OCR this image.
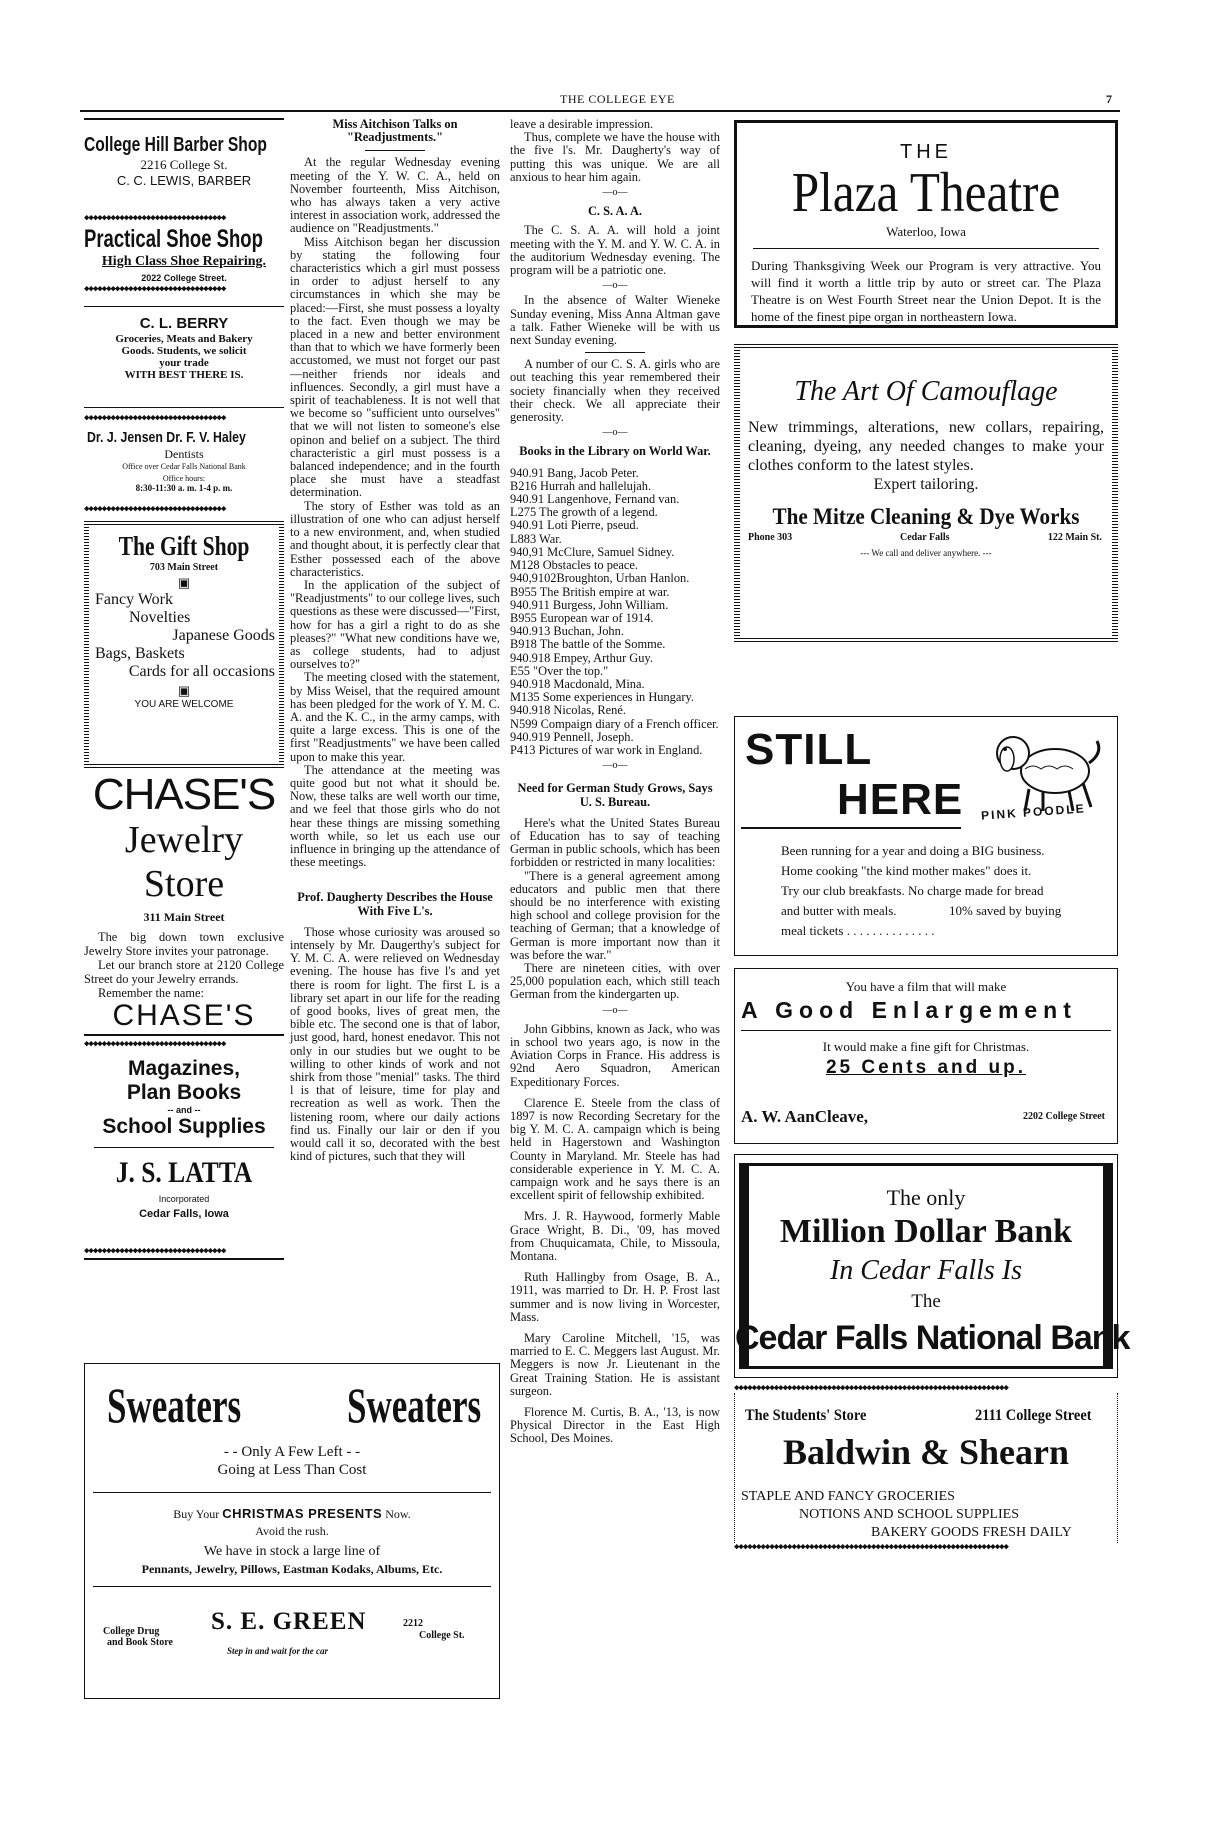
THE COLLEGE EYE	7
College Hill Barber Shop
2216 College St.
C. C. LEWIS, BARBER
◆◆◆◆◆◆◆◆◆◆◆◆◆◆◆◆◆◆◆◆◆◆◆◆◆◆◆◆◆◆◆◆
Practical Shoe Shop
High Class Shoe Repairing.
2022 College Street.
◆◆◆◆◆◆◆◆◆◆◆◆◆◆◆◆◆◆◆◆◆◆◆◆◆◆◆◆◆◆◆◆
C. L. BERRY
Groceries, Meats and Bakery
Goods. Students, we solicit
your trade
WITH BEST THERE IS.
◆◆◆◆◆◆◆◆◆◆◆◆◆◆◆◆◆◆◆◆◆◆◆◆◆◆◆◆◆◆◆◆
Dr. J. Jensen Dr. F. V. Haley
Dentists
Office over Cedar Falls National Bank
Office hours:
8:30-11:30 a. m. 1-4 p. m.
◆◆◆◆◆◆◆◆◆◆◆◆◆◆◆◆◆◆◆◆◆◆◆◆◆◆◆◆◆◆◆◆
The Gift Shop
703 Main Street
▣
Fancy Work
Novelties
Japanese Goods
Bags, Baskets
Cards for all occasions
▣
YOU ARE WELCOME
CHASE'S
Jewelry Store
311 Main Street
The big down town exclusive Jewelry Store invites your patronage.
Let our branch store at 2120 College Street do your Jewelry errands.
Remember the name:
CHASE'S
◆◆◆◆◆◆◆◆◆◆◆◆◆◆◆◆◆◆◆◆◆◆◆◆◆◆◆◆◆◆◆◆
Magazines,
Plan Books
-- and --
School Supplies
J. S. LATTA
Incorporated
Cedar Falls, Iowa
◆◆◆◆◆◆◆◆◆◆◆◆◆◆◆◆◆◆◆◆◆◆◆◆◆◆◆◆◆◆◆◆
Miss Aitchison Talks on "Readjustments."

At the regular Wednesday evening meeting of the Y. W. C. A., held on November fourteenth, Miss Aitchison, who has always taken a very active interest in association work, addressed the audience on "Readjustments."

Miss Aitchison began her discussion by stating the following four characteristics which a girl must possess in order to adjust herself to any circumstances in which she may be placed:—First, she must possess a loyalty to the fact. Even though we may be placed in a new and better environment than that to which we have formerly been accustomed, we must not forget our past—neither friends nor ideals and influences. Secondly, a girl must have a spirit of teachableness. It is not well that we become so "sufficient unto ourselves" that we will not listen to someone's else opinon and belief on a subject. The third characteristic a girl must possess is a balanced independence; and in the fourth place she must have a steadfast determination.

The story of Esther was told as an illustration of one who can adjust herself to a new environment, and, when studied and thought about, it is perfectly clear that Esther possessed each of the above characteristics.

In the application of the subject of "Readjustments" to our college lives, such questions as these were discussed—"First, how for has a girl a right to do as she pleases?" "What new conditions have we, as college students, had to adjust ourselves to?"

The meeting closed with the statement, by Miss Weisel, that the required amount has been pledged for the work of Y. M. C. A. and the K. C., in the army camps, with quite a large excess. This is one of the first "Readjustments" we have been called upon to make this year.

The attendance at the meeting was quite good but not what it should be. Now, these talks are well worth our time, and we feel that those girls who do not hear these things are missing something worth while, so let us each use our influence in bringing up the attendance of these meetings.

Prof. Daugherty Describes the House With Five L's.

Those whose curiosity was aroused so intensely by Mr. Daugerthy's subject for Y. M. C. A. were relieved on Wednesday evening. The house has five l's and yet there is room for light. The first L is a library set apart in our life for the reading of good books, lives of great men, the bible etc. The second one is that of labor, just good, hard, honest enedavor. This not only in our studies but we ought to be willing to other kinds of work and not shirk from those "menial" tasks. The third l is that of leisure, time for play and recreation as well as work. Then the listening room, where our daily actions find us. Finally our lair or den if you would call it so, decorated with the best kind of pictures, such that they will

leave a desirable impression.

Thus, complete we have the house with the five l's. Mr. Daugherty's way of putting this was unique. We are all anxious to hear him again.

—o—
C. S. A. A.

The C. S. A. A. will hold a joint meeting with the Y. M. and Y. W. C. A. in the auditorium Wednesday evening. The program will be a patriotic one.

—o—

In the absence of Walter Wieneke Sunday evening, Miss Anna Altman gave a talk. Father Wieneke will be with us next Sunday evening.

A number of our C. S. A. girls who are out teaching this year remembered their society financially when they received their check. We all appreciate their generosity.

—o—
Books in the Library on World War.
940.91 Bang, Jacob Peter.
B216 Hurrah and hallelujah.
940.91 Langenhove, Fernand van.
L275 The growth of a legend.
940.91 Loti Pierre, pseud.
L883 War.
940,91 McClure, Samuel Sidney.
M128 Obstacles to peace.
940,9102Broughton, Urban Hanlon.
B955 The British empire at war.
940.911 Burgess, John William.
B955 European war of 1914.
940.913 Buchan, John.
B918 The battle of the Somme.
940.918 Empey, Arthur Guy.
E55 "Over the top."
940.918 Macdonald, Mina.
M135 Some experiences in Hungary.
940.918 Nicolas, René.
N599 Compaign diary of a French officer.
940.919 Pennell, Joseph.
P413 Pictures of war work in England.
—o—
Need for German Study Grows, Says U. S. Bureau.

Here's what the United States Bureau of Education has to say of teaching German in public schools, which has been forbidden or restricted in many localities:

"There is a general agreement among educators and public men that there should be no interference with existing high school and college provision for the teaching of German; that a knowledge of German is more important now than it was before the war."

There are nineteen cities, with over 25,000 population each, which still teach German from the kindergarten up.

—o—

John Gibbins, known as Jack, who was in school two years ago, is now in the Aviation Corps in France. His address is 92nd Aero Squadron, American Expeditionary Forces.

Clarence E. Steele from the class of 1897 is now Recording Secretary for the big Y. M. C. A. campaign which is being held in Hagerstown and Washington County in Maryland. Mr. Steele has had considerable experience in Y. M. C. A. campaign work and he says there is an excellent spirit of fellowship exhibited.

Mrs. J. R. Haywood, formerly Mable Grace Wright, B. Di., '09, has moved from Chuquicamata, Chile, to Missoula, Montana.

Ruth Hallingby from Osage, B. A., 1911, was married to Dr. H. P. Frost last summer and is now living in Worcester, Mass.

Mary Caroline Mitchell, '15, was married to E. C. Meggers last August. Mr. Meggers is now Jr. Lieutenant in the Great Training Station. He is assistant surgeon.

Florence M. Curtis, B. A., '13, is now Physical Director in the East High School, Des Moines.

Sweaters Sweaters
- - Only A Few Left - -
Going at Less Than Cost
Buy Your CHRISTMAS PRESENTS Now.
Avoid the rush.
We have in stock a large line of
Pennants, Jewelry, Pillows, Eastman Kodaks, Albums, Etc.
College Drug
and Book Store
S. E. GREEN	2212
College St.
Step in and wait for the car
THE
Plaza Theatre
Waterloo, Iowa
During Thanksgiving Week our Program is very attractive. You will find it worth a little trip by auto or street car. The Plaza Theatre is on West Fourth Street near the Union Depot. It is the home of the finest pipe organ in northeastern Iowa.
The Art Of Camouflage
New trimmings, alterations, new collars, repairing, cleaning, dyeing, any needed changes to make your clothes conform to the latest styles.
Expert tailoring.
The Mitze Cleaning & Dye Works
Phone 303	Cedar Falls	122 Main St.
--- We call and deliver anywhere. ---
STILL
HERE PINK POODLE
Been running for a year and doing a BIG business.
Home cooking "the kind mother makes" does it.
Try our club breakfasts. No charge made for bread
and butter with meals.	10% saved by buying
meal tickets . . . . . . . . . . . . . .
You have a film that will make
A Good Enlargement
It would make a fine gift for Christmas.
25 Cents and up.
A. W. AanCleave,	2202 College Street
The only
Million Dollar Bank
In Cedar Falls Is
The
Cedar Falls National Bank
◆◆◆◆◆◆◆◆◆◆◆◆◆◆◆◆◆◆◆◆◆◆◆◆◆◆◆◆◆◆◆◆◆◆◆◆◆◆◆◆◆◆◆◆◆◆◆◆◆◆◆◆◆◆◆◆◆◆◆◆◆◆
The Students' Store	2111 College Street
Baldwin & Shearn
STAPLE AND FANCY GROCERIES
NOTIONS AND SCHOOL SUPPLIES
BAKERY GOODS FRESH DAILY
◆◆◆◆◆◆◆◆◆◆◆◆◆◆◆◆◆◆◆◆◆◆◆◆◆◆◆◆◆◆◆◆◆◆◆◆◆◆◆◆◆◆◆◆◆◆◆◆◆◆◆◆◆◆◆◆◆◆◆◆◆◆
